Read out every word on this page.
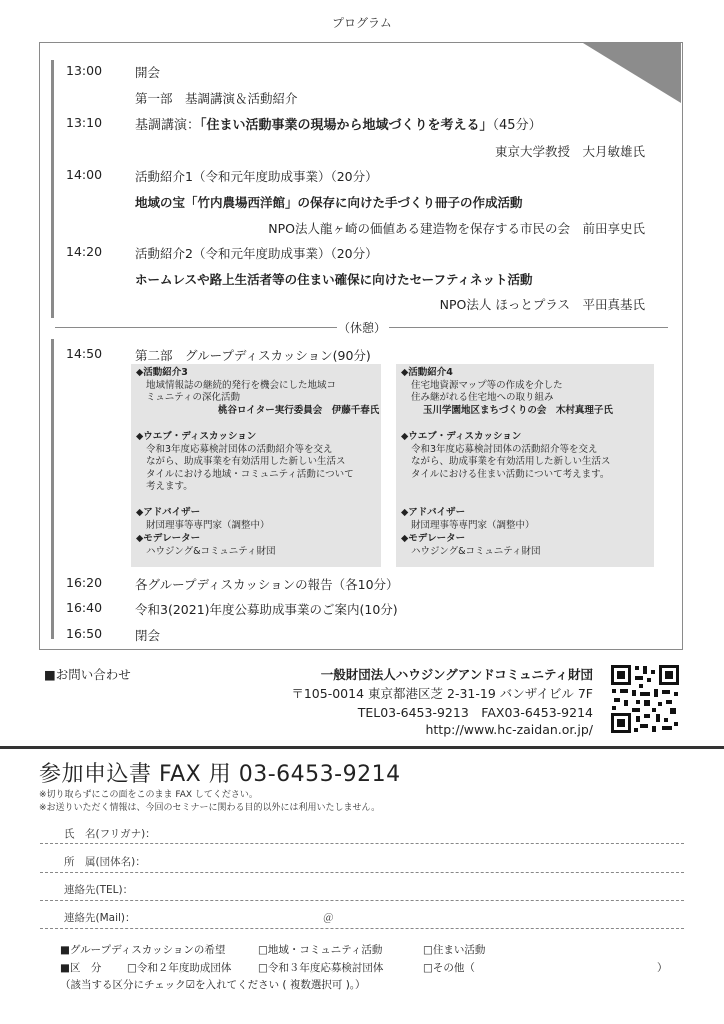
プログラム
13:00	開会
第一部　基調講演＆活動紹介
13:10	基調講演：「住まい活動事業の現場から地域づくりを考える」（45分）
東京大学教授　大月敏雄氏
14:00	活動紹介1（令和元年度助成事業）（20分）
地域の宝「竹内農場西洋館」の保存に向けた手づくり冊子の作成活動
NPO法人龍ヶ崎の価値ある建造物を保存する市民の会　前田享史氏
14:20	活動紹介2（令和元年度助成事業）（20分）
ホームレスや路上生活者等の住まい確保に向けたセーフティネット活動
NPO法人 ほっとプラス　平田真基氏
（休憩）
14:50	第二部　グループディスカッション(90分)
◆活動紹介3
地域情報誌の継続的発行を機会にした地域コ
ミュニティの深化活動
桃谷ロイター実行委員会　伊藤千春氏
◆ウエブ・ディスカッション
令和3年度応募検討団体の活動紹介等を交え
ながら、助成事業を有効活用した新しい生活ス
タイルにおける地域・コミュニティ活動について
考えます。
◆アドバイザー
財団理事等専門家（調整中）
◆モデレーター
ハウジング&コミュニティ財団
◆活動紹介4
住宅地資源マップ等の作成を介した
住み継がれる住宅地への取り組み
玉川学園地区まちづくりの会　木村真理子氏
◆ウエブ・ディスカッション
令和3年度応募検討団体の活動紹介等を交え
ながら、助成事業を有効活用した新しい生活ス
タイルにおける住まい活動について考えます。
◆アドバイザー
財団理事等専門家（調整中）
◆モデレーター
ハウジング&コミュニティ財団
16:20	各グループディスカッションの報告（各10分）
16:40	令和3(2021)年度公募助成事業のご案内(10分)
16:50	閉会
■お問い合わせ	一般財団法人ハウジングアンドコミュニティ財団
〒105-0014 東京都港区芝 2-31-19 バンザイビル 7F
TEL03-6453-9213　FAX03-6453-9214
http://www.hc-zaidan.or.jp/
参加申込書 FAX 用 03-6453-9214
※切り取らずにこの面をこのまま FAX してください。
※お送りいただく情報は、今回のセミナーに関わる目的以外には利用いたしません。
氏　名(フリガナ)：
所　属(団体名)：
連絡先(TEL)：
連絡先(Mail)：	＠
■グループディスカッションの希望	□地域・コミュニティ活動	□住まい活動
■区　分 □令和２年度助成団体	□令和３年度応募検討団体	□その他（	）
（該当する区分にチェック☑を入れてください ( 複数選択可 )。）
